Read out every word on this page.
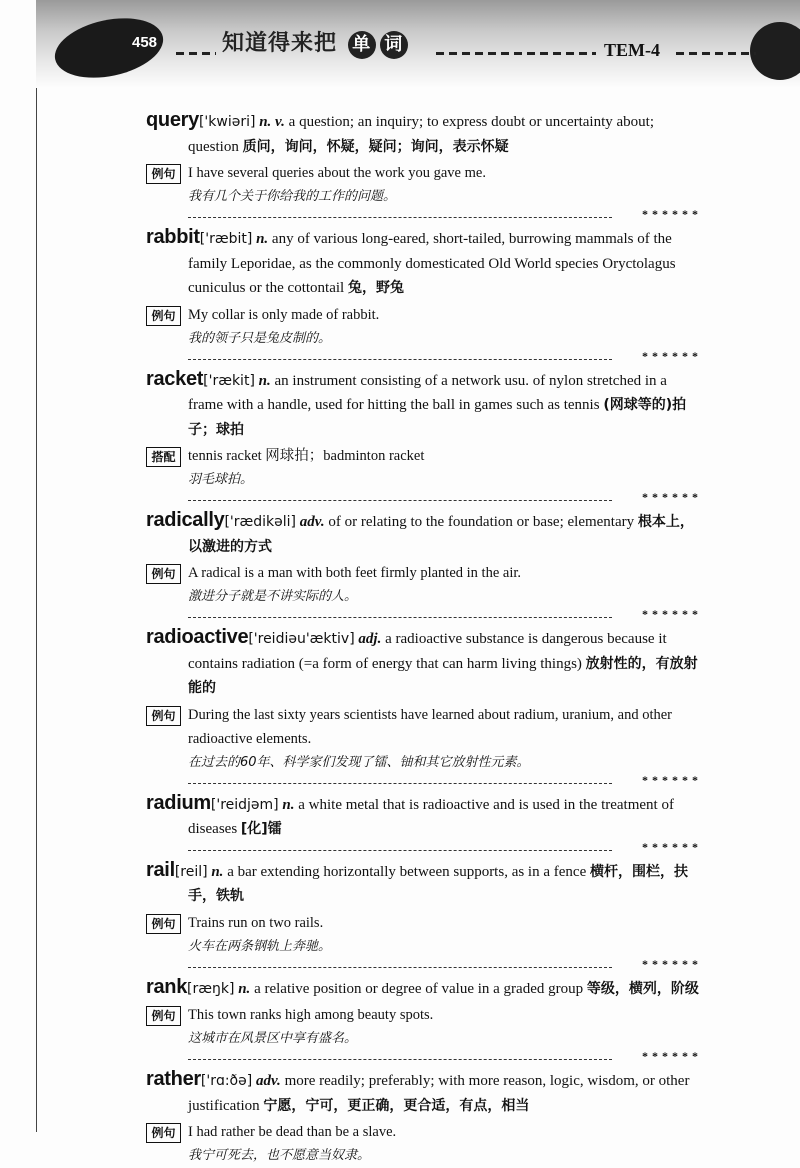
458	知道得来把 单 词	TEM-4

query['kwiəri] n. v. a question; an inquiry; to express doubt or uncertainty about; question 质问，询问，怀疑，疑问；询问，表示怀疑

例句 I have several queries about the work you gave me.
我有几个关于你给我的工作的问题。
******

rabbit['ræbit] n. any of various long-eared, short-tailed, burrowing mammals of the family Leporidae, as the commonly domesticated Old World species Oryctolagus cuniculus or the cottontail 兔，野兔

例句 My collar is only made of rabbit.
我的领子只是兔皮制的。
******

racket['rækit] n. an instrument consisting of a network usu. of nylon stretched in a frame with a handle, used for hitting the ball in games such as tennis (网球等的)拍子；球拍

搭配 tennis racket 网球拍；badminton racket
羽毛球拍。
******

radically['rædikəli] adv. of or relating to the foundation or base; elementary 根本上，以激进的方式

例句 A radical is a man with both feet firmly planted in the air.
激进分子就是不讲实际的人。
******

radioactive['reidiəu'æktiv] adj. a radioactive substance is dangerous because it contains radiation (=a form of energy that can harm living things) 放射性的，有放射能的

例句 During the last sixty years scientists have learned about radium, uranium, and other radioactive elements.
在过去的60年、科学家们发现了镭、铀和其它放射性元素。
******

radium['reidjəm] n. a white metal that is radioactive and is used in the treatment of diseases [化]镭

******

rail[reil] n. a bar extending horizontally between supports, as in a fence 横杆，围栏，扶手，铁轨

例句 Trains run on two rails.
火车在两条钢轨上奔驰。
******

rank[ræŋk] n. a relative position or degree of value in a graded group 等级，横列，阶级

例句 This town ranks high among beauty spots.
这城市在风景区中享有盛名。
******

rather['rɑ:ðə] adv. more readily; preferably; with more reason, logic, wisdom, or other justification 宁愿，宁可，更正确，更合适，有点，相当

例句 I had rather be dead than be a slave.
我宁可死去，也不愿意当奴隶。
